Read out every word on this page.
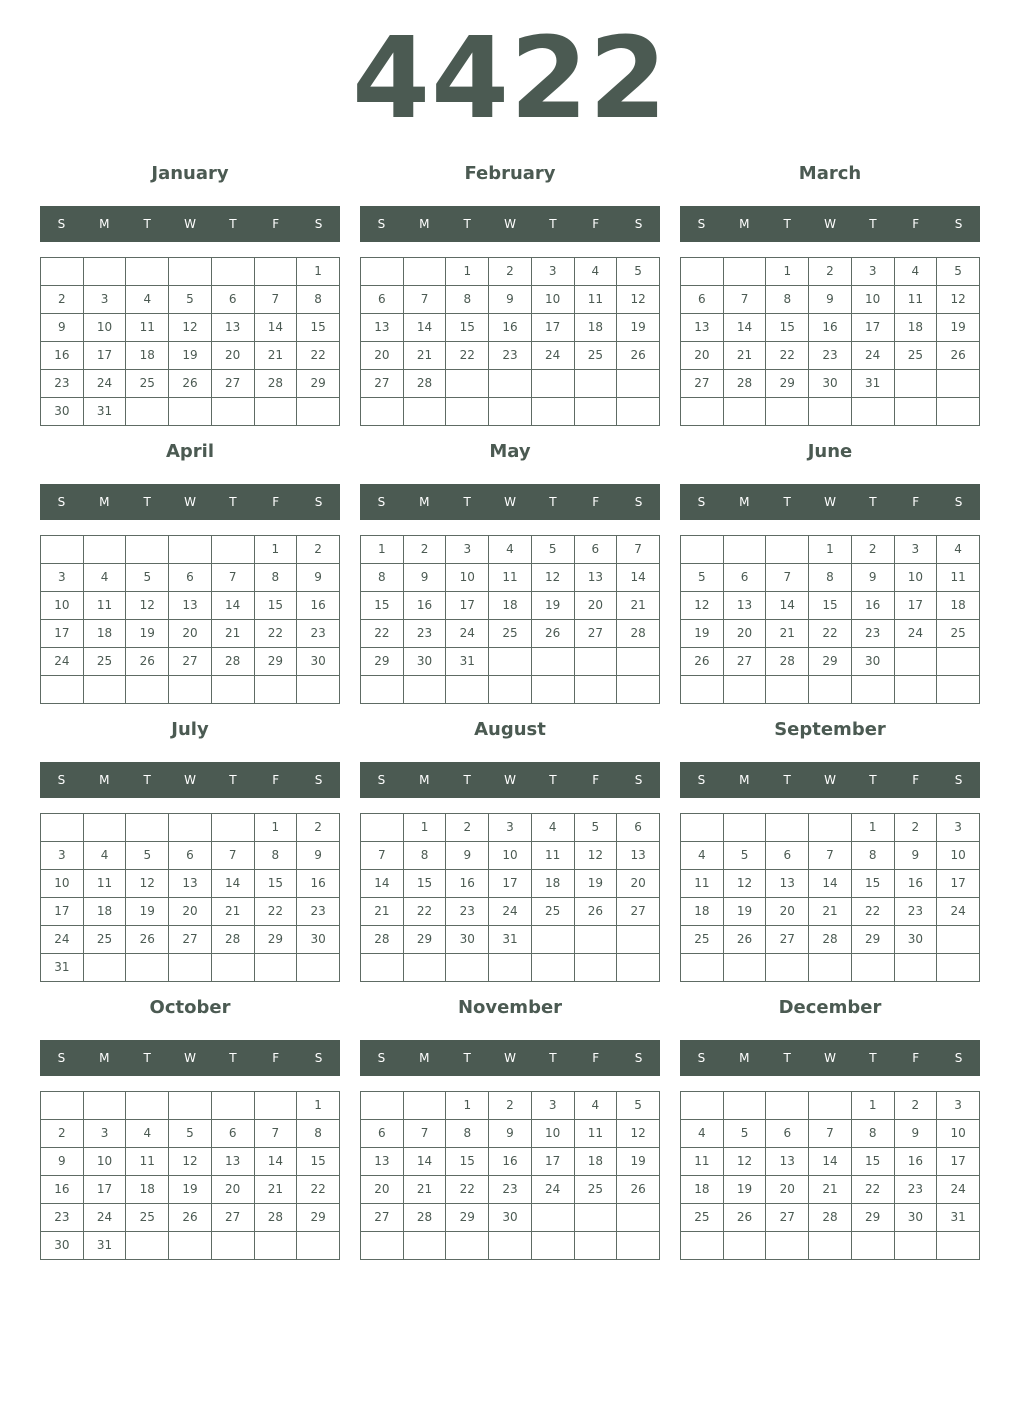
4422
January
S	M	T	W	T	F	S
						1
2	3	4	5	6	7	8
9	10	11	12	13	14	15
16	17	18	19	20	21	22
23	24	25	26	27	28	29
30	31					
February
S	M	T	W	T	F	S
		1	2	3	4	5
6	7	8	9	10	11	12
13	14	15	16	17	18	19
20	21	22	23	24	25	26
27	28					

March
S	M	T	W	T	F	S
		1	2	3	4	5
6	7	8	9	10	11	12
13	14	15	16	17	18	19
20	21	22	23	24	25	26
27	28	29	30	31		

April
S	M	T	W	T	F	S
					1	2
3	4	5	6	7	8	9
10	11	12	13	14	15	16
17	18	19	20	21	22	23
24	25	26	27	28	29	30

May
S	M	T	W	T	F	S
1	2	3	4	5	6	7
8	9	10	11	12	13	14
15	16	17	18	19	20	21
22	23	24	25	26	27	28
29	30	31				

June
S	M	T	W	T	F	S
			1	2	3	4
5	6	7	8	9	10	11
12	13	14	15	16	17	18
19	20	21	22	23	24	25
26	27	28	29	30		

July
S	M	T	W	T	F	S
					1	2
3	4	5	6	7	8	9
10	11	12	13	14	15	16
17	18	19	20	21	22	23
24	25	26	27	28	29	30
31						
August
S	M	T	W	T	F	S
	1	2	3	4	5	6
7	8	9	10	11	12	13
14	15	16	17	18	19	20
21	22	23	24	25	26	27
28	29	30	31			

September
S	M	T	W	T	F	S
				1	2	3
4	5	6	7	8	9	10
11	12	13	14	15	16	17
18	19	20	21	22	23	24
25	26	27	28	29	30	

October
S	M	T	W	T	F	S
						1
2	3	4	5	6	7	8
9	10	11	12	13	14	15
16	17	18	19	20	21	22
23	24	25	26	27	28	29
30	31					
November
S	M	T	W	T	F	S
		1	2	3	4	5
6	7	8	9	10	11	12
13	14	15	16	17	18	19
20	21	22	23	24	25	26
27	28	29	30			

December
S	M	T	W	T	F	S
				1	2	3
4	5	6	7	8	9	10
11	12	13	14	15	16	17
18	19	20	21	22	23	24
25	26	27	28	29	30	31
